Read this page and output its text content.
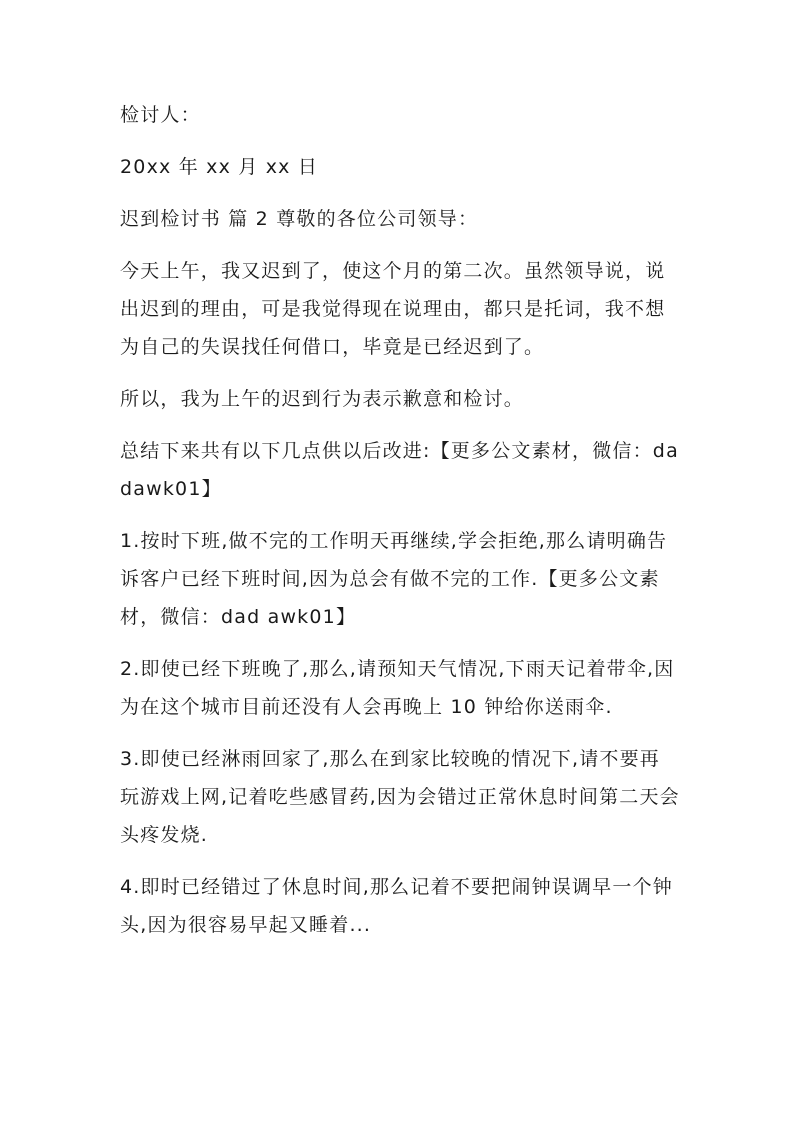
检讨人：

20xx 年 xx 月 xx 日

迟到检讨书 篇 2 尊敬的各位公司领导：

今天上午，我又迟到了，使这个月的第二次。虽然领导说，说出迟到的理由，可是我觉得现在说理由，都只是托词，我不想为自己的失误找任何借口，毕竟是已经迟到了。

所以，我为上午的迟到行为表示歉意和检讨。

总结下来共有以下几点供以后改进:【更多公文素材，微信：dadawk01】

1.按时下班,做不完的工作明天再继续,学会拒绝,那么请明确告诉客户已经下班时间,因为总会有做不完的工作.【更多公文素材，微信：dad awk01】

2.即使已经下班晚了,那么,请预知天气情况,下雨天记着带伞,因为在这个城市目前还没有人会再晚上 10 钟给你送雨伞.

3.即使已经淋雨回家了,那么在到家比较晚的情况下,请不要再玩游戏上网,记着吃些感冒药,因为会错过正常休息时间第二天会头疼发烧.

4.即时已经错过了休息时间,那么记着不要把闹钟误调早一个钟头,因为很容易早起又睡着...
